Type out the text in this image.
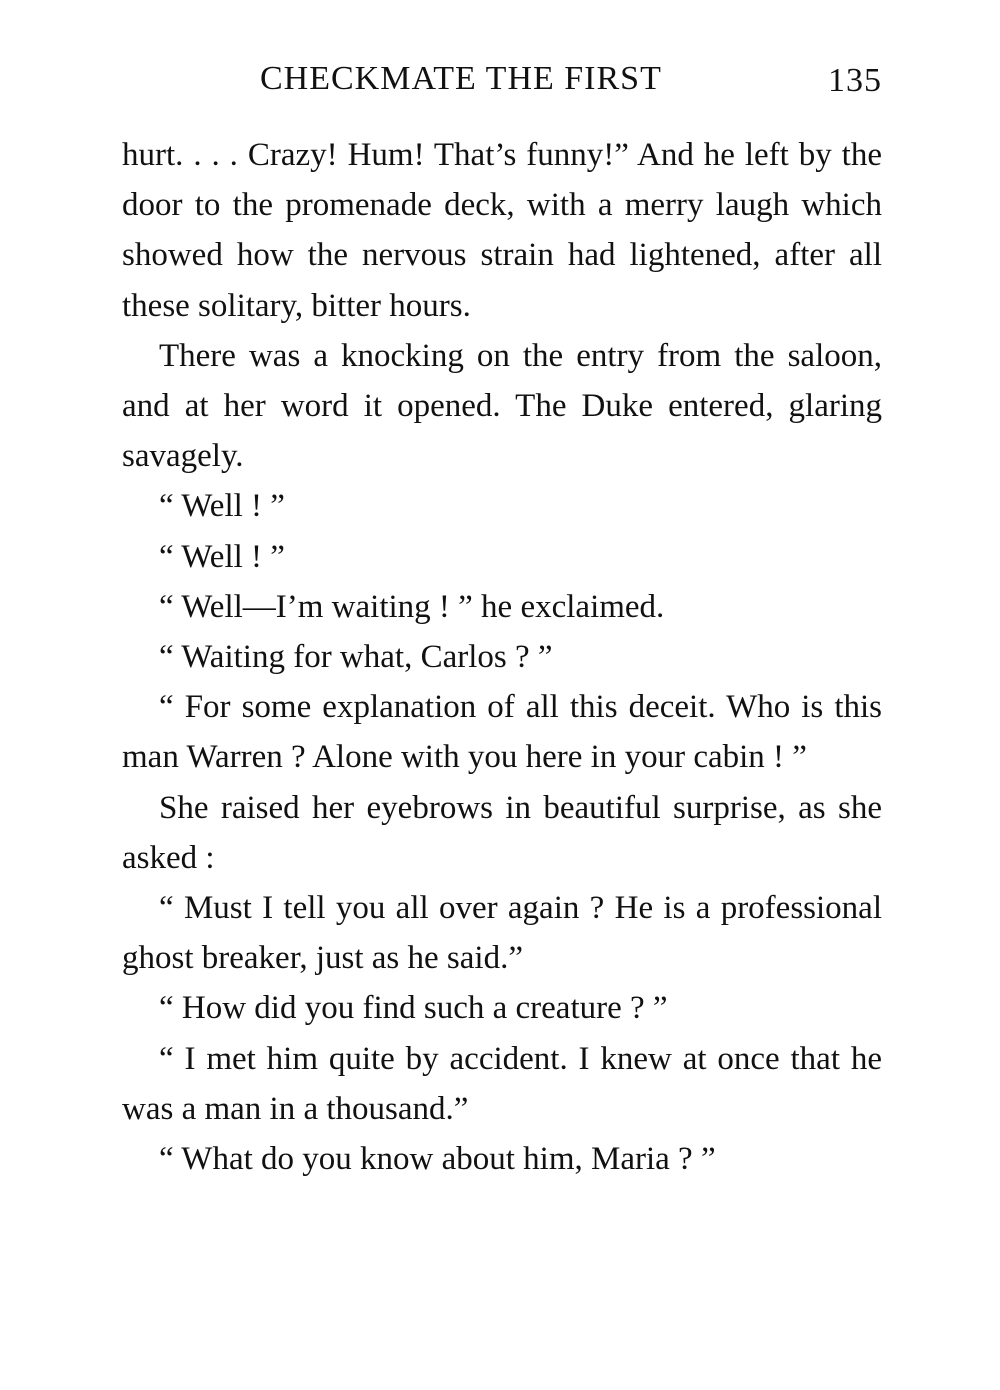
CHECKMATE THE FIRST	135

hurt. . . . Crazy! Hum! That’s funny!” And he left by the door to the promenade deck, with a merry laugh which showed how the nervous strain had lightened, after all these solitary, bitter hours.

There was a knocking on the entry from the saloon, and at her word it opened. The Duke entered, glaring savagely.

“ Well ! ”

“ Well ! ”

“ Well—I’m waiting ! ” he exclaimed.

“ Waiting for what, Carlos ? ”

“ For some explanation of all this deceit. Who is this man Warren ? Alone with you here in your cabin ! ”

She raised her eyebrows in beautiful surprise, as she asked :

“ Must I tell you all over again ? He is a professional ghost breaker, just as he said.”

“ How did you find such a creature ? ”

“ I met him quite by accident. I knew at once that he was a man in a thousand.”

“ What do you know about him, Maria ? ”
